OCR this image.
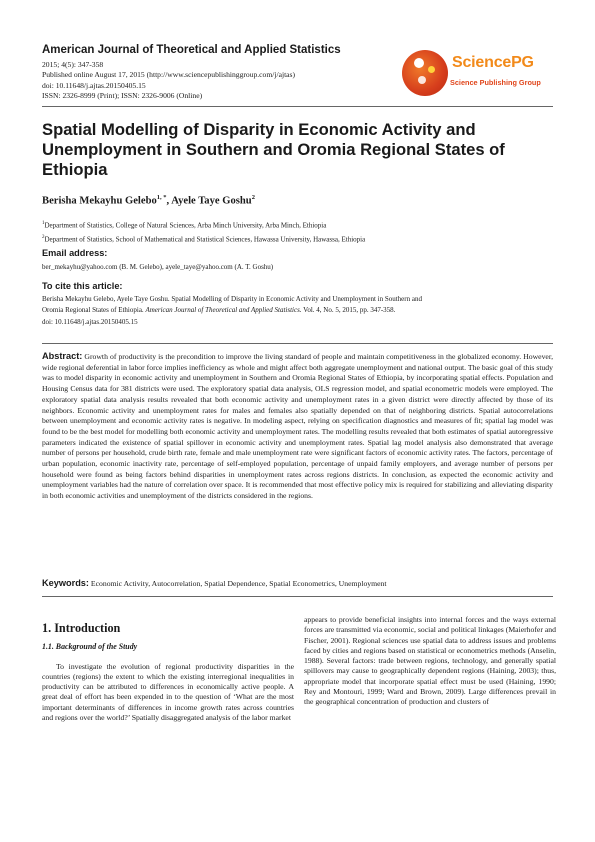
American Journal of Theoretical and Applied Statistics
2015; 4(5): 347-358
Published online August 17, 2015 (http://www.sciencepublishinggroup.com/j/ajtas)
doi: 10.11648/j.ajtas.20150405.15
ISSN: 2326-8999 (Print); ISSN: 2326-9006 (Online)
SciencePG
Science Publishing Group
Spatial Modelling of Disparity in Economic Activity and Unemployment in Southern and Oromia Regional States of Ethiopia
Berisha Mekayhu Gelebo$^{1, *}$, Ayele Taye Goshu$^2$
$^1$Department of Statistics, College of Natural Sciences, Arba Minch University, Arba Minch, Ethiopia
$^2$Department of Statistics, School of Mathematical and Statistical Sciences, Hawassa University, Hawassa, Ethiopia
Email address:
ber_mekayhu@yahoo.com (B. M. Gelebo), ayele_taye@yahoo.com (A. T. Goshu)
To cite this article:
Berisha Mekayhu Gelebo, Ayele Taye Goshu. Spatial Modelling of Disparity in Economic Activity and Unemployment in Southern and
Oromia Regional States of Ethiopia. American Journal of Theoretical and Applied Statistics. Vol. 4, No. 5, 2015, pp. 347-358.
doi: 10.11648/j.ajtas.20150405.15
Abstract: Growth of productivity is the precondition to improve the living standard of people and maintain competitiveness in the globalized economy. However, wide regional deferential in labor force implies inefficiency as whole and might affect both aggregate unemployment and national output. The basic goal of this study was to model disparity in economic activity and unemployment in Southern and Oromia Regional States of Ethiopia, by incorporating spatial effects. Population and Housing Census data for 381 districts were used. The exploratory spatial data analysis, OLS regression model, and spatial econometric models were employed. The exploratory spatial data analysis results revealed that both economic activity and unemployment rates in a given district were directly affected by those of its neighbors. Economic activity and unemployment rates for males and females also spatially depended on that of neighboring districts. Spatial autocorrelations between unemployment and economic activity rates is negative. In modeling aspect, relying on specification diagnostics and measures of fit; spatial lag model was found to be the best model for modelling both economic activity and unemployment rates. The modelling results revealed that both estimates of spatial autoregressive parameters indicated the existence of spatial spillover in economic activity and unemployment rates. Spatial lag model analysis also demonstrated that average number of persons per household, crude birth rate, female and male unemployment rate were significant factors of economic activity rates. The factors, percentage of urban population, economic inactivity rate, percentage of self-employed population, percentage of unpaid family employers, and average number of persons per household were found as being factors behind disparities in unemployment rates across regions districts. In conclusion, as expected the economic activity and unemployment variables had the nature of correlation over space. It is recommended that most effective policy mix is required for stabilizing and alleviating disparity in both economic activities and unemployment of the districts considered in the regions.
Keywords: Economic Activity, Autocorrelation, Spatial Dependence, Spatial Econometrics, Unemployment
1. Introduction
1.1. Background of the Study
To investigate the evolution of regional productivity disparities in the countries (regions) the extent to which the existing interregional inequalities in productivity can be attributed to differences in economically active people. A great deal of effort has been expended in to the question of ‘What are the most important determinants of differences in income growth rates across countries and regions over the world?’ Spatially disaggregated analysis of the labor market
appears to provide beneficial insights into internal forces and the ways external forces are transmitted via economic, social and political linkages (Maierhofer and Fischer, 2001). Regional sciences use spatial data to address issues and problems faced by cities and regions based on statistical or econometrics methods (Anselin, 1988). Several factors: trade between regions, technology, and generally spatial spillovers may cause to geographically dependent regions (Haining, 2003); thus, appropriate model that incorporate spatial effect must be used (Haining, 1990; Rey and Montouri, 1999; Ward and Brown, 2009). Large differences prevail in the geographical concentration of production and clusters of
